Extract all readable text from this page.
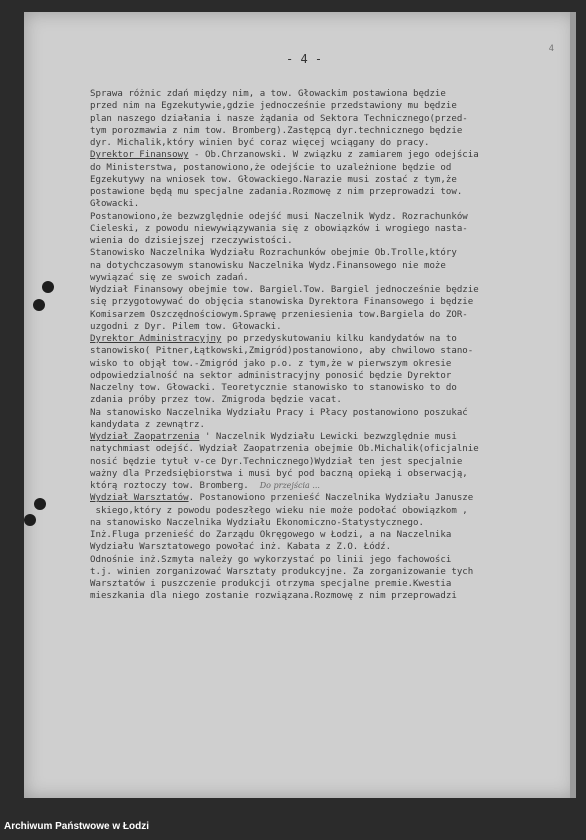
- 4 -
4
Sprawa różnic zdań między nim, a tow. Głowackim postawiona będzie
przed nim na Egzekutywie,gdzie jednocześnie przedstawiony mu będzie
plan naszego działania i nasze żądania od Sektora Technicznego(przed-
tym porozmawia z nim tow. Bromberg).Zastępcą dyr.technicznego będzie
dyr. Michalik,który winien być coraz więcej wciągany do pracy.
Dyrektor Finansowy - Ob.Chrzanowski. W związku z zamiarem jego odejścia
do Ministerstwa, postanowiono,że odejście to uzależnione będzie od
Egzekutywy na wniosek tow. Głowackiego.Narazie musi zostać z tym,że
postawione będą mu specjalne zadania.Rozmowę z nim przeprowadzi tow.
Głowacki.
Postanowiono,że bezwzględnie odejść musi Naczelnik Wydz. Rozrachunków
Cieleski, z powodu niewywiązywania się z obowiązków i wrogiego nasta-
wienia do dzisiejszej rzeczywistości.
Stanowisko Naczelnika Wydziału Rozrachunków obejmie Ob.Trolle,który
na dotychczasowym stanowisku Naczelnika Wydz.Finansowego nie może
wywiązać się ze swoich zadań.
Wydział Finansowy obejmie tow. Bargiel.Tow. Bargiel jednocześnie będzie
się przygotowywać do objęcia stanowiska Dyrektora Finansowego i będzie
Komisarzem Oszczędnościowym.Sprawę przeniesienia tow.Bargiela do ZOR-
uzgodni z Dyr. Pilem tow. Głowacki.
Dyrektor Administracyjny po przedyskutowaniu kilku kandydatów na to
stanowisko( Pitner,Łątkowski,Zmigród)postanowiono, aby chwilowo stano-
wisko to objął tow.-Zmigród jako p.o. z tym,że w pierwszym okresie
odpowiedzialność na sektor administracyjny ponosić będzie Dyrektor
Naczelny tow. Głowacki. Teoretycznie stanowisko to stanowisko to do
zdania próby przez tow. Zmigroda będzie vacat.
Na stanowisko Naczelnika Wydziału Pracy i Płacy postanowiono poszukać
kandydata z zewnątrz.
Wydział Zaopatrzenia ' Naczelnik Wydziału Lewicki bezwzględnie musi
natychmiast odejść. Wydział Zaopatrzenia obejmie Ob.Michalik(oficjalnie
nosić będzie tytuł v-ce Dyr.Technicznego)Wydział ten jest specjalnie
ważny dla Przedsiębiorstwa i musi być pod baczną opieką i obserwacją,
którą roztoczy tow. Bromberg. Do przejścia ...
Wydział Warsztatów. Postanowiono przenieść Naczelnika Wydziału Janusze
skiego,który z powodu podeszłego wieku nie może podołać obowiązkom ,
na stanowisko Naczelnika Wydziału Ekonomiczno-Statystycznego.
Inż.Fluga przenieść do Zarządu Okręgowego w Łodzi, a na Naczelnika
Wydziału Warsztatowego powołać inż. Kabata z Z.O. Łódź.
Odnośnie inż.Szmyta należy go wykorzystać po linii jego fachowości
t.j. winien zorganizować Warsztaty produkcyjne. Za zorganizowanie tych
Warsztatów i puszczenie produkcji otrzyma specjalne premie.Kwestia
mieszkania dla niego zostanie rozwiązana.Rozmowę z nim przeprowadzi
Archiwum Państwowe w Łodzi
